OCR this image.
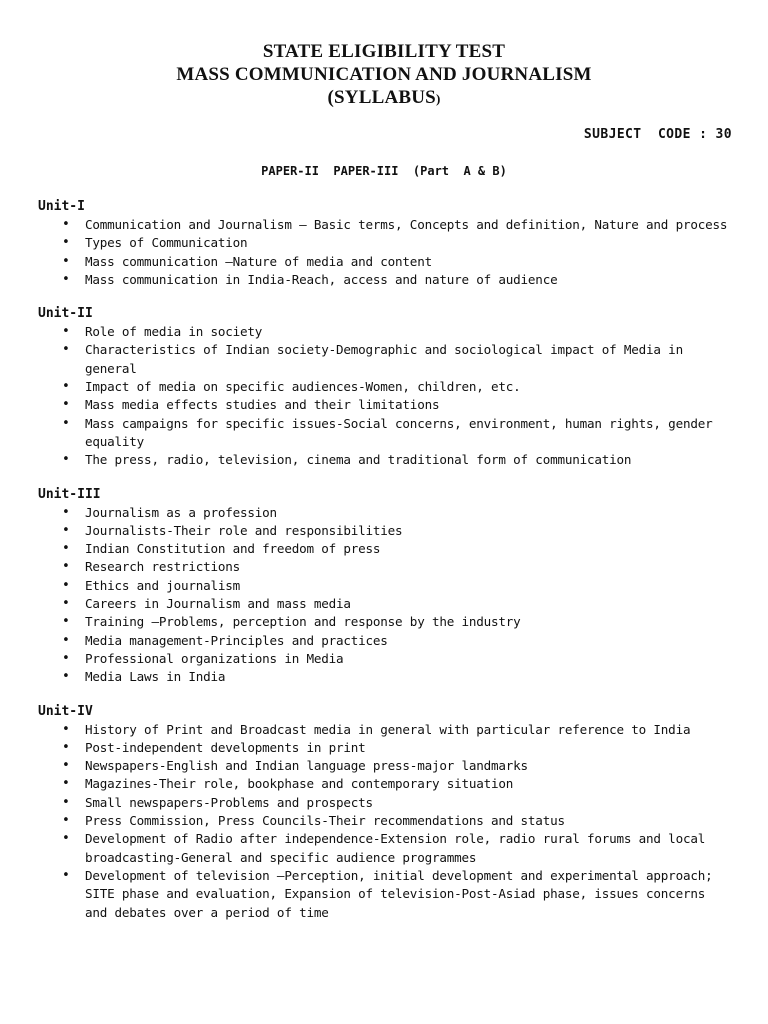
STATE ELIGIBILITY TEST
MASS COMMUNICATION AND JOURNALISM
(SYLLABUS)
SUBJECT  CODE : 30
PAPER-II  PAPER-III  (Part  A & B)
Unit-I
• Communication and Journalism – Basic terms, Concepts and definition, Nature and process
• Types of Communication
• Mass communication –Nature of media and content
• Mass communication in India-Reach, access and nature of audience
Unit-II
• Role of media in society
• Characteristics of Indian society-Demographic and sociological impact of Media in general
• Impact of media on specific audiences-Women, children, etc.
• Mass media effects studies and their limitations
• Mass campaigns for specific issues-Social concerns, environment, human rights, gender equality
• The press, radio, television, cinema and traditional form of communication
Unit-III
• Journalism as a profession
• Journalists-Their role and responsibilities
• Indian Constitution and freedom of press
• Research restrictions
• Ethics and journalism
• Careers in Journalism and mass media
• Training –Problems, perception and response by the industry
• Media management-Principles and practices
• Professional organizations in Media
• Media Laws in India
Unit-IV
• History of Print and Broadcast media in general with particular reference to India
• Post-independent developments in print
• Newspapers-English and Indian language press-major landmarks
• Magazines-Their role, bookphase and contemporary situation
• Small newspapers-Problems and prospects
• Press Commission, Press Councils-Their recommendations and status
• Development of Radio after independence-Extension role, radio rural forums and local broadcasting-General and specific audience programmes
• Development of television –Perception, initial development and experimental approach; SITE phase and evaluation, Expansion of television-Post-Asiad phase, issues concerns and debates over a period of time
